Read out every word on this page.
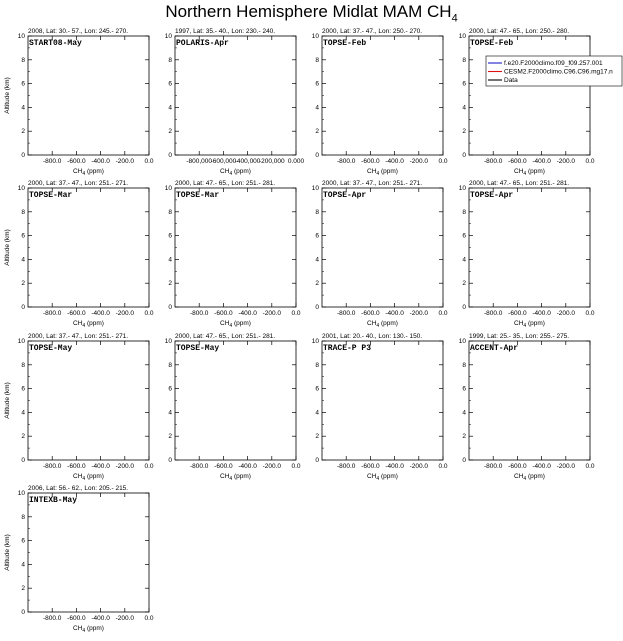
Northern Hemisphere Midlat MAM $CH_4$
2008, Lat: 30.- 57., Lon: 245.- 270.
START08-May
0
2
4
6
8
10
-800.0 -600.0 -400.0 -200.0 0.0
$CH_4$ (ppm)
Altitude (km)
1997, Lat: 35.- 40., Lon: 230.- 240.
POLARIS-Apr
0
2
4
6
8
10
-800,000
-600,000
-400,000
-200,000 0.000
$CH_4$ (ppm)
2000, Lat: 37.- 47., Lon: 250.- 270.
TOPSE-Feb
0
2
4
6
8
10
-800.0 -600.0 -400.0 -200.0 0.0
$CH_4$ (ppm)
2000, Lat: 47.- 65., Lon: 250.- 280.
TOPSE-Feb
0
2
4
6
8
10
-800.0 -600.0 -400.0 -200.0 0.0
$CH_4$ (ppm)
f.e20.F2000climo.f09_f09.257.001
CESM2.F2000climo.C96.C96.mg17.n
Data
2000, Lat: 37.- 47., Lon: 251.- 271.
TOPSE-Mar
0
2
4
6
8
10
-800.0 -600.0 -400.0 -200.0 0.0
$CH_4$ (ppm)
Altitude (km)
2000, Lat: 47.- 65., Lon: 251.- 281.
TOPSE-Mar
0
2
4
6
8
10
-800.0 -600.0 -400.0 -200.0 0.0
$CH_4$ (ppm)
2000, Lat: 37.- 47., Lon: 251.- 271.
TOPSE-Apr
0
2
4
6
8
10
-800.0 -600.0 -400.0 -200.0 0.0
$CH_4$ (ppm)
2000, Lat: 47.- 65., Lon: 251.- 281.
TOPSE-Apr
0
2
4
6
8
10
-800.0 -600.0 -400.0 -200.0 0.0
$CH_4$ (ppm)
2000, Lat: 37.- 47., Lon: 251.- 271.
TOPSE-May
0
2
4
6
8
10
-800.0 -600.0 -400.0 -200.0 0.0
$CH_4$ (ppm)
Altitude (km)
2000, Lat: 47.- 65., Lon: 251.- 281.
TOPSE-May
0
2
4
6
8
10
-800.0 -600.0 -400.0 -200.0 0.0
$CH_4$ (ppm)
2001, Lat: 20.- 40., Lon: 130.- 150.
TRACE-P P3
0
2
4
6
8
10
-800.0 -600.0 -400.0 -200.0 0.0
$CH_4$ (ppm)
1999, Lat: 25.- 35., Lon: 255.- 275.
ACCENT-Apr
0
2
4
6
8
10
-800.0 -600.0 -400.0 -200.0 0.0
$CH_4$ (ppm)
2006, Lat: 56.- 62., Lon: 205.- 215.
INTEXB-May
0
2
4
6
8
10
-800.0 -600.0 -400.0 -200.0 0.0
$CH_4$ (ppm)
Altitude (km)
